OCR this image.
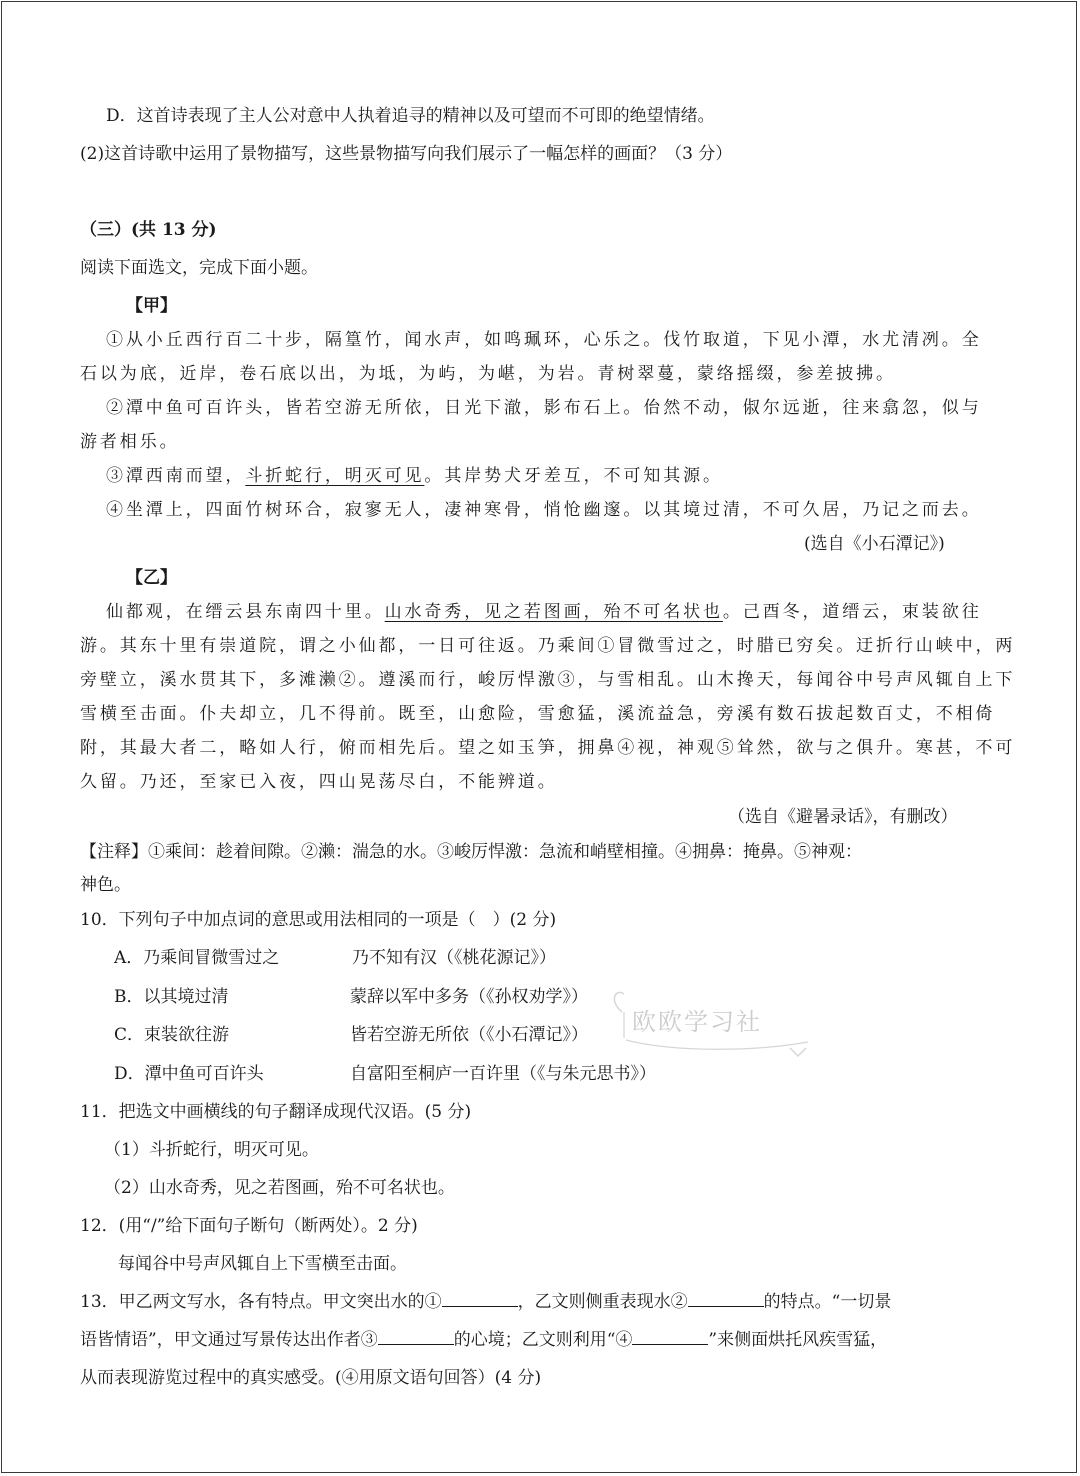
D．这首诗表现了主人公对意中人执着追寻的精神以及可望而不可即的绝望情绪。
(2)这首诗歌中运用了景物描写，这些景物描写向我们展示了一幅怎样的画面？（3 分）
（三）(共 13 分)
阅读下面选文，完成下面小题。
【甲】
①从小丘西行百二十步，隔篁竹，闻水声，如鸣珮环，心乐之。伐竹取道，下见小潭，水尤清冽。全
石以为底，近岸，卷石底以出，为坻，为屿，为嵁，为岩。青树翠蔓，蒙络摇缀，参差披拂。
②潭中鱼可百许头，皆若空游无所依，日光下澈，影布石上。佁然不动，俶尔远逝，往来翕忽，似与
游者相乐。
③潭西南而望，斗折蛇行，明灭可见。其岸势犬牙差互，不可知其源。
④坐潭上，四面竹树环合，寂寥无人，凄神寒骨，悄怆幽邃。以其境过清，不可久居，乃记之而去。
(选自《小石潭记》)
【乙】
仙都观，在缙云县东南四十里。山水奇秀，见之若图画，殆不可名状也。己酉冬，道缙云，束装欲往
游。其东十里有崇道院，谓之小仙都，一日可往返。乃乘间①冒微雪过之，时腊已穷矣。迂折行山峡中，两
旁壁立，溪水贯其下，多滩濑②。遵溪而行，峻厉悍激③，与雪相乱。山木搀天，每闻谷中号声风辄自上下
雪横至击面。仆夫却立，几不得前。既至，山愈险，雪愈猛，溪流益急，旁溪有数石拔起数百丈，不相倚
附，其最大者二，略如人行，俯而相先后。望之如玉笋，拥鼻④视，神观⑤耸然，欲与之俱升。寒甚，不可
久留。乃还，至家已入夜，四山晃荡尽白，不能辨道。
（选自《避暑录话》，有删改）
【注释】①乘间：趁着间隙。②濑：湍急的水。③峻厉悍激：急流和峭壁相撞。④拥鼻：掩鼻。⑤神观：
神色。
10．下列句子中加点词的意思或用法相同的一项是（　）(2 分)
A．乃乘间冒微雪过之	乃不知有汉（《桃花源记》）
B．以其境过清	蒙辞以军中多务（《孙权劝学》）
C．束装欲往游	皆若空游无所依（《小石潭记》）
D．潭中鱼可百许头	自富阳至桐庐一百许里（《与朱元思书》）
11．把选文中画横线的句子翻译成现代汉语。(5 分)
（1）斗折蛇行，明灭可见。
（2）山水奇秀，见之若图画，殆不可名状也。
12．(用“/”给下面句子断句（断两处）。2 分)
每闻谷中号声风辄自上下雪横至击面。
13．甲乙两文写水，各有特点。甲文突出水的①	，乙文则侧重表现水②	的特点。“一切景
语皆情语”，甲文通过写景传达出作者③	的心境；乙文则利用“④	”来侧面烘托风疾雪猛，
从而表现游览过程中的真实感受。(④用原文语句回答）(4 分)
欧欧学习社
